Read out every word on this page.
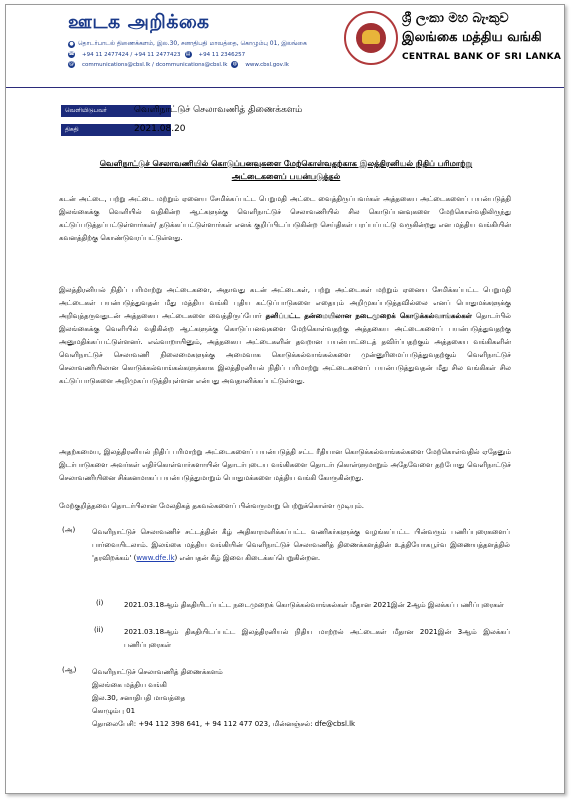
ஊடக அறிக்கை
● தொடர்பாடல் திணைக்களம், இல.30, சனாதிபதி மாவத்தை, கொழும்பு 01, இலங்கை
☎ +94 11 2477424 / +94 11 2477423 ▤ +94 11 2346257
@ communications@cbsl.lk / dcommunications@cbsl.lk ◍ www.cbsl.gov.lk
ශ්‍රී ලංකා මහ බැංකුව
இலங்கை மத்திய வங்கி
CENTRAL BANK OF SRI LANKA
வெளியிடுபவர்	வெளிநாட்டுச் செலாவணித் திணைக்களம்
திகதி	2021.08.20
வெளிநாட்டுச் செலாவணியில் கொடுப்பனவுகளை மேற்கொள்வதற்காக இலத்திரனியல் நிதிப் பரிமாற்று
அட்டைகளைப் பயன்படுத்தல்
கடன் அட்டை, பற்று அட்டை மற்றும் ஏனைய சேமிக்கப்பட்ட பெறுமதி அட்டை வைத்திருப்பவர்கள் அத்தகைய அட்டைகளைப் பயன்படுத்தி இலங்கைக்கு வெளியில் வதிகின்ற ஆட்களுக்கு வெளிநாட்டுச் செலாவணியில் சில கொடுப்பனவுகளை மேற்கொள்வதிலிருந்து கட்டுப்படுத்தப்பட்டுள்ளார்கள்/ தடுக்கப்பட்டுள்ளார்கள் எனக் குறிப்பிடப்படுகின்ற செய்திகள் பரப்பப்பட்டு வருகின்றது என மத்திய வங்கியின் கவனத்திற்கு கொண்டுவரப்பட்டுள்ளது.
இலத்திரனியல் நிதிப் பரிமாற்று அட்டைகளை, அதாவது கடன் அட்டைகள், பற்று அட்டைகள் மற்றும் ஏனைய சேமிக்கப்பட்ட பெறுமதி அட்டைகள் பயன்படுத்துவதன் மீது மத்திய வங்கி புதிய கட்டுப்பாடுகளை எதையும் அறிமுகப்படுத்தவில்லை எனப் பொதுமக்களுக்கு அறிவுத்தருவதுடன் அத்தகைய அட்டைகளை வைத்திருப்போர் தனிப்பட்ட தன்மையிலான நடைமுறைக் கொடுக்கல்வாங்கல்கள் தொடர்பில் இலங்கைக்கு வெளியில் வதிகின்ற ஆட்களுக்கு கொடுப்பனவுகளை மேற்கொள்வதற்கு அத்தகைய அட்டைகளைப் பயன்படுத்துவதற்கு அனுமதிக்கப்பட்டுள்ளனர். எவ்வாறாயினும், அத்தகைய அட்டைகளின் தவறான பயன்பாட்டைத் தவிர்ப்பதற்கும் அத்தகைய வங்கிகளின் வெளிநாட்டுச் செலாவணி நிலைமைகளுக்கு அமைவாக கொடுக்கல்வாங்கல்களை முன்னுரிமைப்படுத்துவதற்கும் வெளிநாட்டுச் செலாவணியிலான கொடுக்கல்வாங்கல்களுக்காக இலத்திரனியல் நிதிப் பரிமாற்று அட்டைகளைப் பயன்படுத்துவதன் மீது சில வங்கிகள் சில கட்டுப்பாடுகளை அறிமுகப்படுத்தியுள்ளன என்பது அவதானிக்கப்பட்டுள்ளது.
அதற்கமைய, இலத்திரனியல் நிதிப் பரிமாற்று அட்டைகளைப் பயன்படுத்தி சட்ட ரீதியான கொடுக்கல்வாங்கல்களை மேற்கொள்வதில் ஏதேனும் இடர்பாடுகளை அவர்கள் எதிர்கொள்வார்களாயின் தொடர்புடைய வங்கிகளை தொடர்புகொள்ளுமாறும் அதேவேளை தற்போது வெளிநாட்டுச் செலாவணியினை சிக்கனமாகப் பயன்படுத்துமாறும் பொதுமக்களை மத்திய வங்கி கோருகின்றது.
மேற்குறித்தவை தொடர்பிலான மேலதிகத் தகவல்களைப் பின்வருமாறு பெற்றுக்கொள்ள முடியும்.
(அ) வெளிநாட்டுச் செலாவணிச் சட்டத்தின் கீழ் அதிகாரமளிக்கப்பட்ட வணிகர்களுக்கு வழங்கப்பட்ட பின்வரும் பணிப்புரைகளைப் பார்வையிடலாம். இலங்கை மத்திய வங்கியின் வெளிநாட்டுச் செலாவணித் திணைக்களத்தின் உத்தியோகபூர்வ இணையத்தளத்தில் 'தரவிறக்கம்' (www.dfe.lk) என்பதன் கீழ் இவை கிடைக்கப்பெறுகின்றன.
(i)	2021.03.18ஆம் திகதியிடப்பட்ட நடைமுறைக் கொடுக்கல்வாங்கல்கள் மீதான 2021இன் 2ஆம் இலக்கப் பணிப்புரைகள்
(ii)	2021.03.18ஆம் திகதியிடப்பட்ட இலத்திரனியல் நிதிய மாற்றல் அட்டைகள் மீதான 2021இன் 3ஆம் இலக்கப் பணிப்புரைகள்
(ஆ) வெளிநாட்டுச் செலாவணித் திணைக்களம்
இலங்கை மத்திய வங்கி
இல.30, சனாதிபதி மாவத்தை
கொழும்பு 01
தொலைபேசி: +94 112 398 641, + 94 112 477 023, மின்னஞ்சல்: dfe@cbsl.lk
